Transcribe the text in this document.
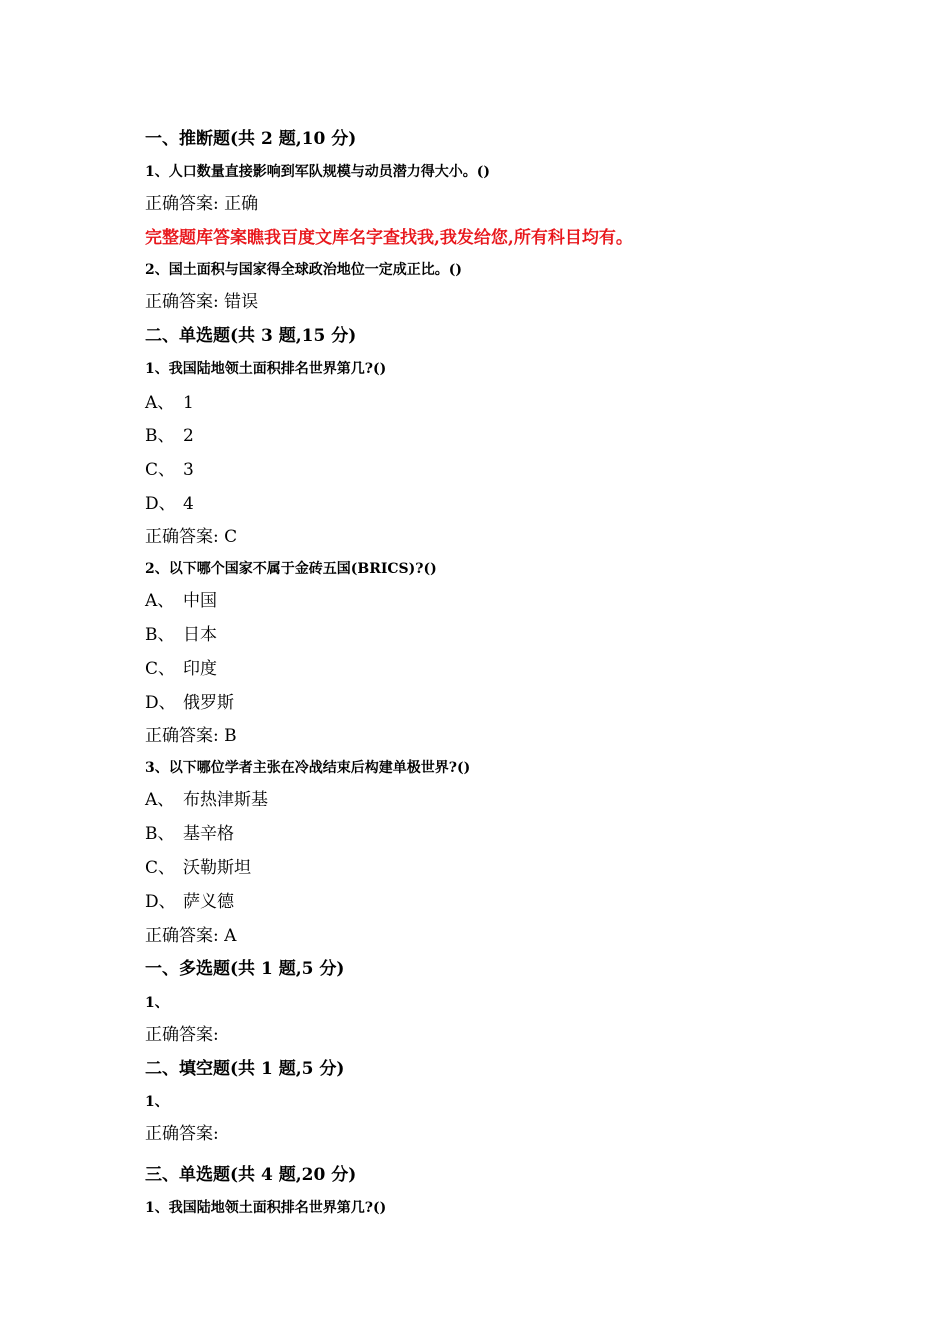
一、推断题(共 2 题,10 分)
1、人口数量直接影响到军队规模与动员潜力得大小。()
正确答案: 正确
完整题库答案瞧我百度文库名字查找我,我发给您,所有科目均有。
2、国土面积与国家得全球政治地位一定成正比。()
正确答案: 错误
二、单选题(共 3 题,15 分)
1、我国陆地领土面积排名世界第几?()
A、 1
B、 2
C、 3
D、 4
正确答案: C
2、以下哪个国家不属于金砖五国(BRICS)?()
A、 中国
B、 日本
C、 印度
D、 俄罗斯
正确答案: B
3、以下哪位学者主张在冷战结束后构建单极世界?()
A、 布热津斯基
B、 基辛格
C、 沃勒斯坦
D、 萨义德
正确答案: A
一、多选题(共 1 题,5 分)
1、
正确答案:
二、填空题(共 1 题,5 分)
1、
正确答案:
三、单选题(共 4 题,20 分)
1、我国陆地领土面积排名世界第几?()
